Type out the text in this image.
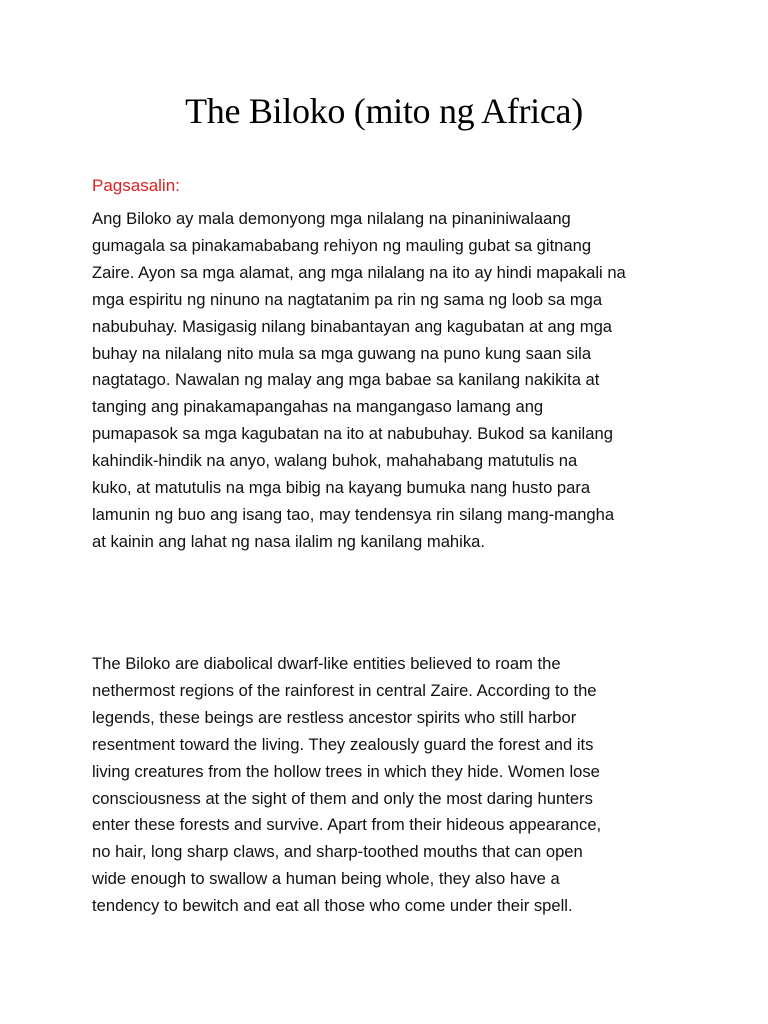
The Biloko (mito ng Africa)

Pagsasalin:

Ang Biloko ay mala demonyong mga nilalang na pinaniniwalaang
gumagala sa pinakamababang rehiyon ng mauling gubat sa gitnang
Zaire. Ayon sa mga alamat, ang mga nilalang na ito ay hindi mapakali na
mga espiritu ng ninuno na nagtatanim pa rin ng sama ng loob sa mga
nabubuhay. Masigasig nilang binabantayan ang kagubatan at ang mga
buhay na nilalang nito mula sa mga guwang na puno kung saan sila
nagtatago. Nawalan ng malay ang mga babae sa kanilang nakikita at
tanging ang pinakamapangahas na mangangaso lamang ang
pumapasok sa mga kagubatan na ito at nabubuhay. Bukod sa kanilang
kahindik-hindik na anyo, walang buhok, mahahabang matutulis na
kuko, at matutulis na mga bibig na kayang bumuka nang husto para
lamunin ng buo ang isang tao, may tendensya rin silang mang-mangha
at kainin ang lahat ng nasa ilalim ng kanilang mahika.

The Biloko are diabolical dwarf-like entities believed to roam the
nethermost regions of the rainforest in central Zaire. According to the
legends, these beings are restless ancestor spirits who still harbor
resentment toward the living. They zealously guard the forest and its
living creatures from the hollow trees in which they hide. Women lose
consciousness at the sight of them and only the most daring hunters
enter these forests and survive. Apart from their hideous appearance,
no hair, long sharp claws, and sharp-toothed mouths that can open
wide enough to swallow a human being whole, they also have a
tendency to bewitch and eat all those who come under their spell.
